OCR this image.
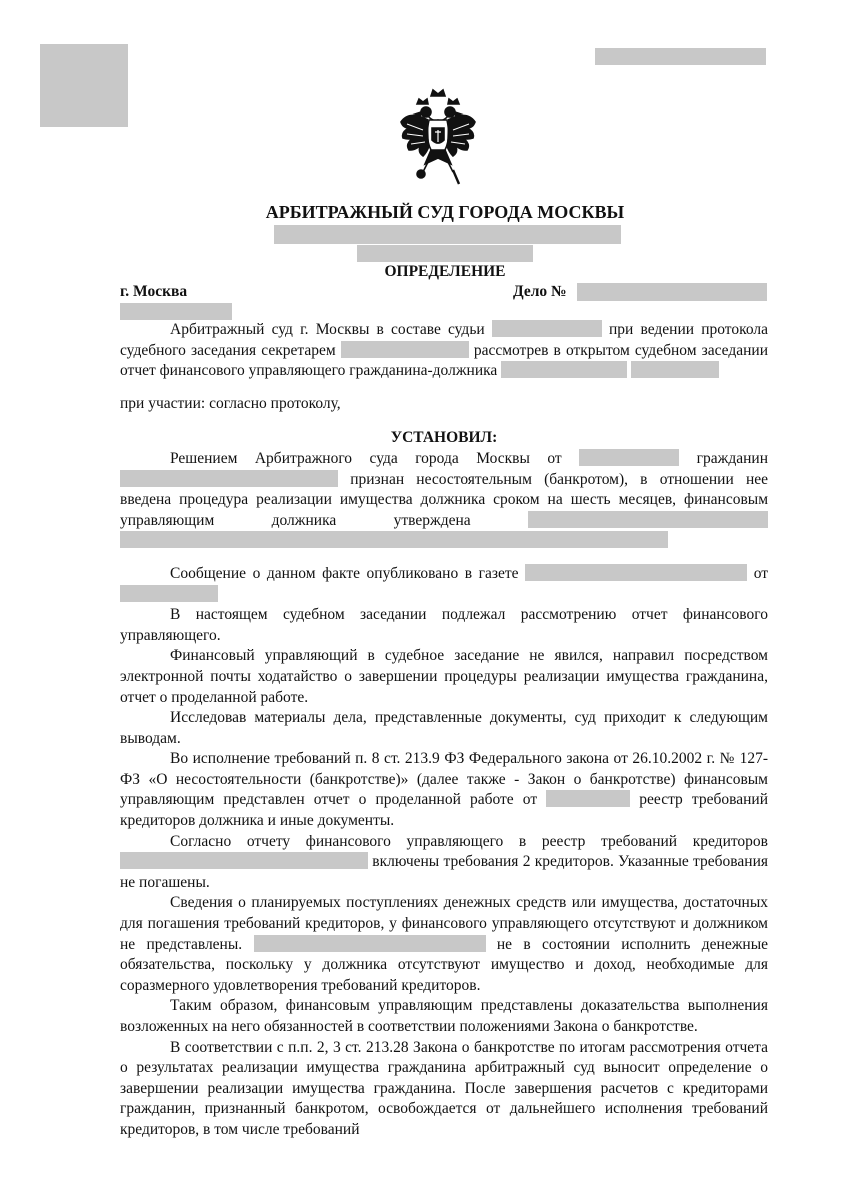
АРБИТРАЖНЫЙ СУД ГОРОДА МОСКВЫ
ОПРЕДЕЛЕНИЕ
г. Москва	Дело №

Арбитражный суд г. Москвы в составе судьи	при ведении протокола судебного заседания секретарем	рассмотрев в открытом судебном заседании отчет финансового управляющего гражданина-должника

при участии: согласно протоколу,

УСТАНОВИЛ:

Решением Арбитражного суда города Москвы от	гражданин  признан несостоятельным (банкротом), в отношении нее введена процедура реализации имущества должника сроком на шесть месяцев, финансовым управляющим должника утверждена

Сообщение о данном факте опубликовано в газете	от

В настоящем судебном заседании подлежал рассмотрению отчет финансового управляющего.

Финансовый управляющий в судебное заседание не явился, направил посредством электронной почты ходатайство о завершении процедуры реализации имущества гражданина, отчет о проделанной работе.

Исследовав материалы дела, представленные документы, суд приходит к следующим выводам.

Во исполнение требований п. 8 ст. 213.9 ФЗ Федерального закона от 26.10.2002 г. № 127-ФЗ «О несостоятельности (банкротстве)» (далее также - Закон о банкротстве) финансовым управляющим представлен отчет о проделанной работе от	реестр требований кредиторов должника и иные документы.

Согласно отчету финансового управляющего в реестр требований кредиторов  включены требования 2 кредиторов. Указанные требования не погашены.

Сведения о планируемых поступлениях денежных средств или имущества, достаточных для погашения требований кредиторов, у финансового управляющего отсутствуют и должником не представлены.	не в состоянии исполнить денежные обязательства, поскольку у должника отсутствуют имущество и доход, необходимые для соразмерного удовлетворения требований кредиторов.

Таким образом, финансовым управляющим представлены доказательства выполнения возложенных на него обязанностей в соответствии положениями Закона о банкротстве.

В соответствии с п.п. 2, 3 ст. 213.28 Закона о банкротстве по итогам рассмотрения отчета о результатах реализации имущества гражданина арбитражный суд выносит определение о завершении реализации имущества гражданина. После завершения расчетов с кредиторами гражданин, признанный банкротом, освобождается от дальнейшего исполнения требований кредиторов, в том числе требований
